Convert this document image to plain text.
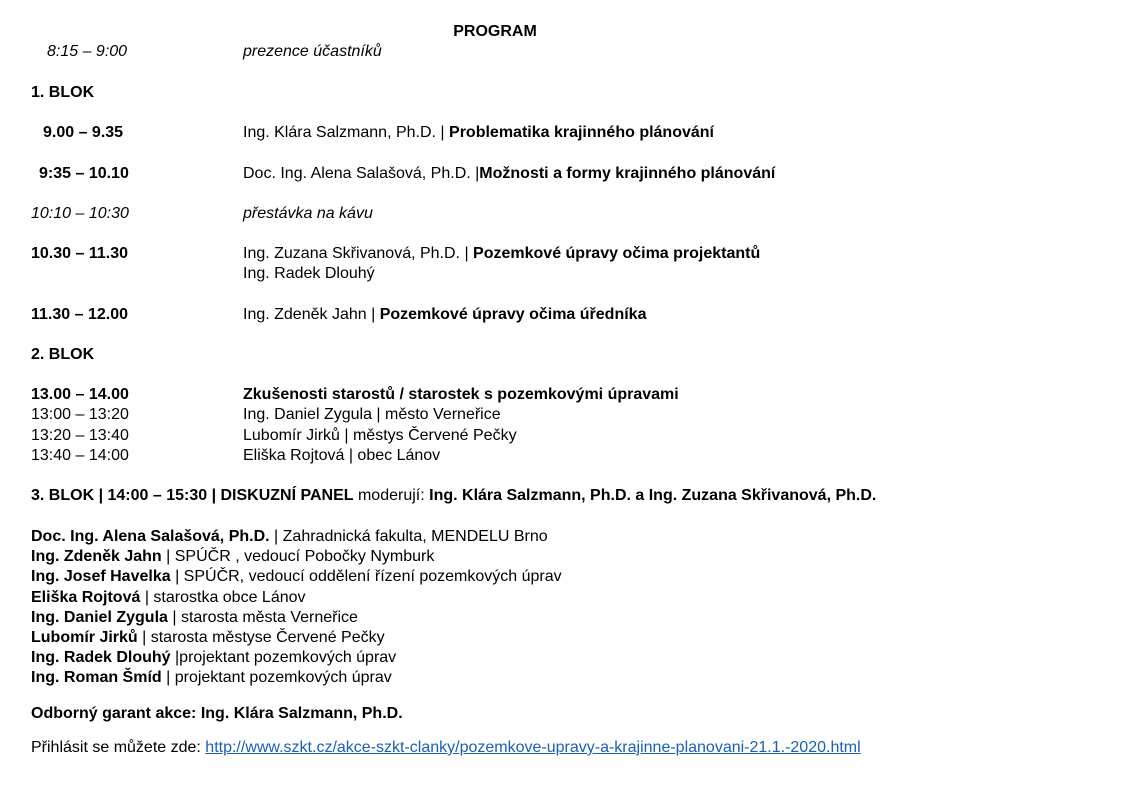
PROGRAM
8:15 – 9:00	prezence účastníků
1. BLOK
9.00 – 9.35	Ing. Klára Salzmann, Ph.D. | Problematika krajinného plánování
9:35 – 10.10	Doc. Ing. Alena Salašová, Ph.D. |Možnosti a formy krajinného plánování
10:10 – 10:30	přestávka na kávu
10.30 – 11.30	Ing. Zuzana Skřivanová, Ph.D. | Pozemkové úpravy očima projektantů
Ing. Radek Dlouhý
11.30 – 12.00	Ing. Zdeněk Jahn | Pozemkové úpravy očima úředníka
2. BLOK
13.00 – 14.00	Zkušenosti starostů / starostek s pozemkovými úpravami
13:00 – 13:20	Ing. Daniel Zygula | město Verneřice
13:20 – 13:40	Lubomír Jirků | městys Červené Pečky
13:40 – 14:00	Eliška Rojtová | obec Lánov
3. BLOK | 14:00 – 15:30 | DISKUZNÍ PANEL moderují: Ing. Klára Salzmann, Ph.D. a Ing. Zuzana Skřivanová, Ph.D.
Doc. Ing. Alena Salašová, Ph.D. | Zahradnická fakulta, MENDELU Brno
Ing. Zdeněk Jahn | SPÚČR , vedoucí Pobočky Nymburk
Ing. Josef Havelka | SPÚČR, vedoucí oddělení řízení pozemkových úprav
Eliška Rojtová | starostka obce Lánov
Ing. Daniel Zygula | starosta města Verneřice
Lubomír Jirků | starosta městyse Červené Pečky
Ing. Radek Dlouhý |projektant pozemkových úprav
Ing. Roman Šmíd | projektant pozemkových úprav
Odborný garant akce: Ing. Klára Salzmann, Ph.D.
Přihlásit se můžete zde: http://www.szkt.cz/akce-szkt-clanky/pozemkove-upravy-a-krajinne-planovani-21.1.-2020.html
